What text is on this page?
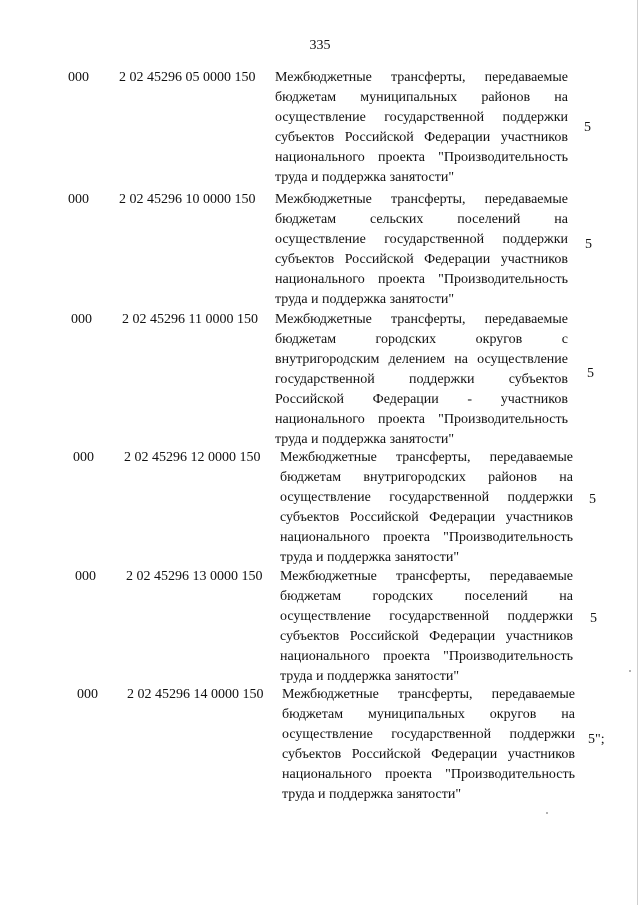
335
000 2 02 45296 05 0000 150 Межбюджетные трансферты, передаваемые
бюджетам муниципальных районов на
осуществление государственной поддержки
субъектов Российской Федерации участников
национального проекта "Производительность
труда и поддержка занятости"
5
000 2 02 45296 10 0000 150 Межбюджетные трансферты, передаваемые
бюджетам сельских поселений на
осуществление государственной поддержки
субъектов Российской Федерации участников
национального проекта "Производительность
труда и поддержка занятости"
5
000 2 02 45296 11 0000 150 Межбюджетные трансферты, передаваемые
бюджетам городских округов с
внутригородским делением на осуществление
государственной поддержки субъектов
Российской Федерации - участников
национального проекта "Производительность
труда и поддержка занятости"
5
000 2 02 45296 12 0000 150 Межбюджетные трансферты, передаваемые
бюджетам внутригородских районов на
осуществление государственной поддержки
субъектов Российской Федерации участников
национального проекта "Производительность
труда и поддержка занятости"
5
000 2 02 45296 13 0000 150 Межбюджетные трансферты, передаваемые
бюджетам городских поселений на
осуществление государственной поддержки
субъектов Российской Федерации участников
национального проекта "Производительность
труда и поддержка занятости"
5
000 2 02 45296 14 0000 150 Межбюджетные трансферты, передаваемые
бюджетам муниципальных округов на
осуществление государственной поддержки
субъектов Российской Федерации участников
национального проекта "Производительность
труда и поддержка занятости"
5";
